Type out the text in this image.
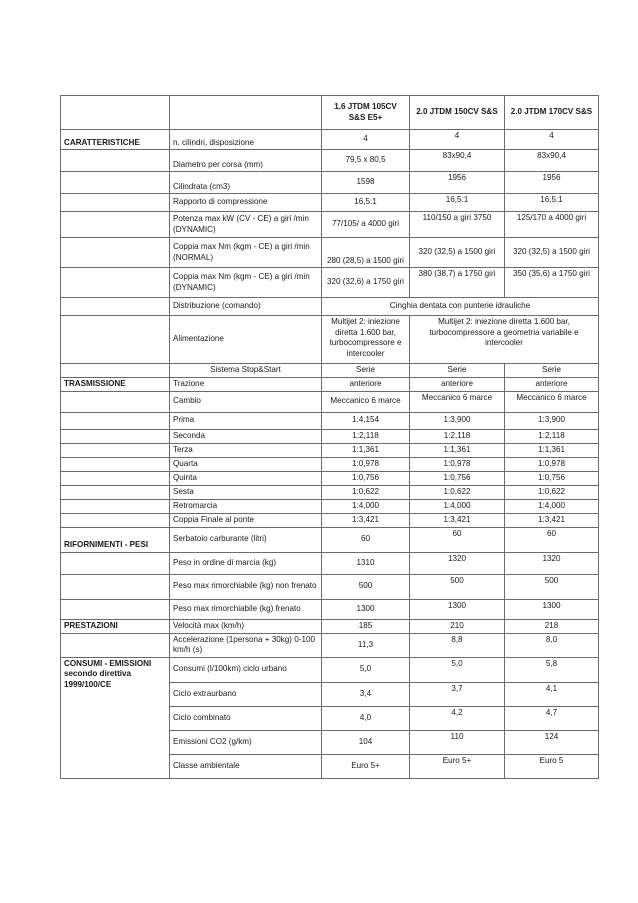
		1.6 JTDM 105CV S&S E5+	2.0 JTDM 150CV S&S	2.0 JTDM 170CV S&S
CARATTERISTICHE	n. cilindri, disposizione	4	4	4
	Diametro per corsa (mm)	79,5 x 80,5	83x90,4	83x90,4
	Cilindrata (cm3)	1598	1956	1956
	Rapporto di compressione	16,5:1	16,5:1	16,5:1
	Potenza max kW (CV - CE) a giri /min (DYNAMIC)	77/105/ a 4000 giri	110/150 a giri 3750	125/170 a 4000 giri
	Coppia max Nm (kgm - CE) a giri /min (NORMAL)	280 (28,5) a 1500 giri	320 (32,5) a 1500 giri	320 (32,5) a 1500 giri
	Coppia max Nm (kgm - CE) a giri /min (DYNAMIC)	320 (32,6) a 1750 giri	380 (38,7) a 1750 giri	350 (35,6) a 1750 giri
	Distribuzione (comando)	Cinghia dentata con punterie idrauliche		
	Alimentazione	Multijet 2: iniezione diretta 1.600 bar, turbocompressore e intercooler	Multijet 2: iniezione diretta 1.600 bar, turbocompressore a geometria variabile e intercooler	
	Sistema Stop&Start	Serie	Serie	Serie
TRASMISSIONE	Trazione	anteriore	anteriore	anteriore
	Cambio	Meccanico 6 marce	Meccanico 6 marce	Meccanico 6 marce
	Prima	1:4,154	1:3,900	1:3,900
	Seconda	1:2,118	1:2,118	1:2,118
	Terza	1:1,361	1:1,361	1:1,361
	Quarta	1:0,978	1:0,978	1:0,978
	Quinta	1:0,756	1:0,756	1:0,756
	Sesta	1:0,622	1:0,622	1:0,622
	Retromarcia	1:4,000	1:4,000	1:4,000
	Coppia Finale al ponte	1:3,421	1:3,421	1:3,421
RIFORNIMENTI - PESI	Serbatoio carburante (litri)	60	60	60
	Peso in ordine di marcia (kg)	1310	1320	1320
	Peso max rimorchiabile (kg) non frenato	500	500	500
	Peso max rimorchiabile (kg) frenato	1300	1300	1300
PRESTAZIONI	Velocità max (km/h)	185	210	218
	Accelerazione (1persona + 30kg) 0-100 km/h (s)	11,3	8,8	8,0
CONSUMI - EMISSIONI secondo direttiva 1999/100/CE	Consumi (l/100km) ciclo urbano	5,0	5,0	5,8
	Ciclo extraurbano	3,4	3,7	4,1
	Ciclo combinato	4,0	4,2	4,7
	Emissioni CO2 (g/km)	104	110	124
	Classe ambientale	Euro 5+	Euro 5+	Euro 5
